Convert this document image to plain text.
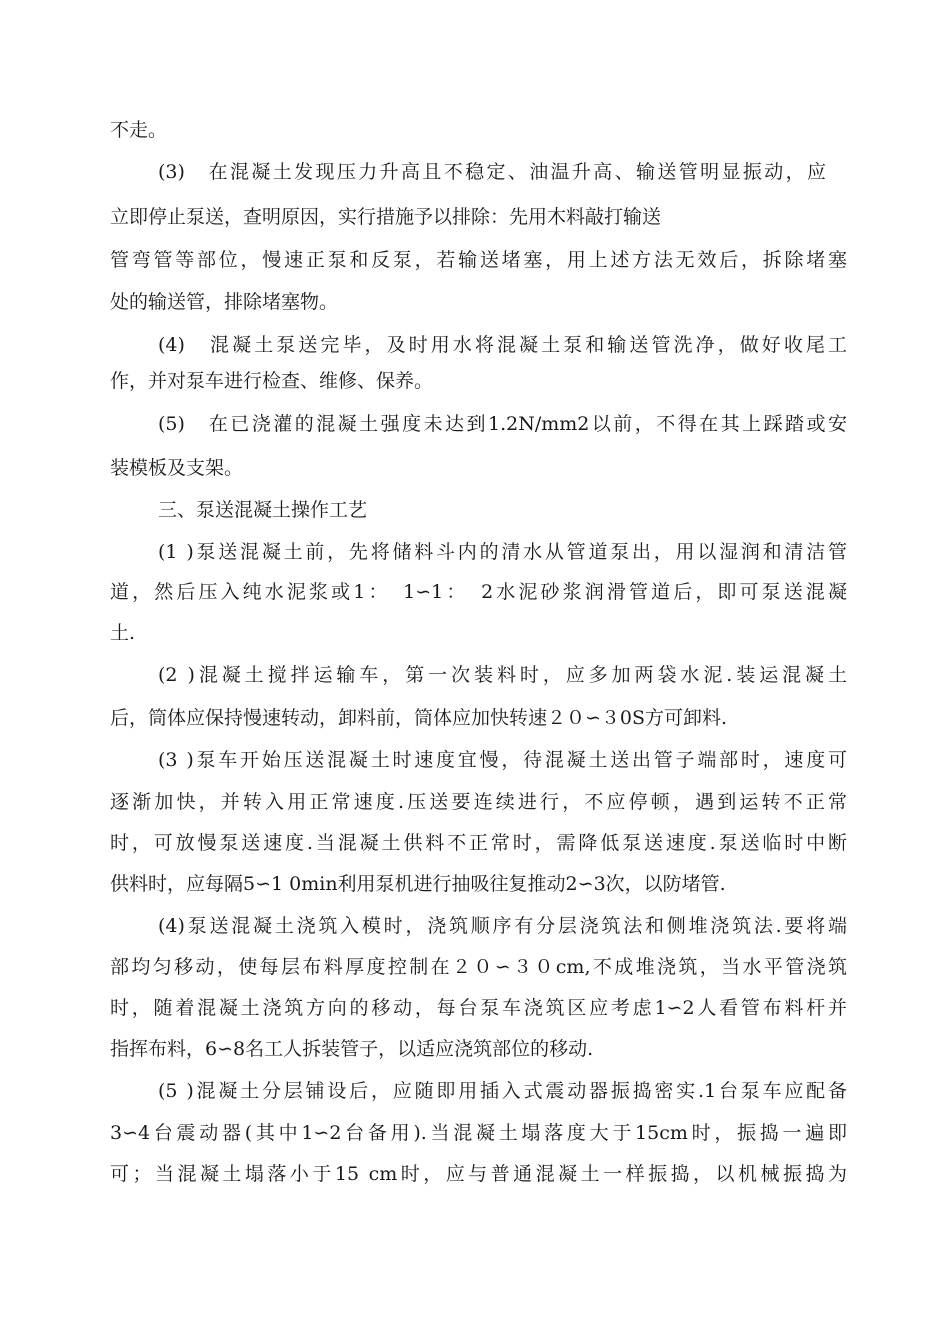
不走。
(3)　在混凝土发现压力升高且不稳定、油温升高、输送管明显振动，应
立即停止泵送，查明原因，实行措施予以排除：先用木料敲打输送
管弯管等部位，慢速正泵和反泵，若输送堵塞，用上述方法无效后，拆除堵塞
处的输送管，排除堵塞物。
(4)　混凝土泵送完毕，及时用水将混凝土泵和输送管洗净，做好收尾工
作，并对泵车进行检查、维修、保养。
(5)　在已浇灌的混凝土强度未达到1.2N/mm2以前，不得在其上踩踏或安
装模板及支架。
三、泵送混凝土操作工艺
(1 )泵送混凝土前，先将储料斗内的清水从管道泵出，用以湿润和清洁管
道，然后压入纯水泥浆或1：　1∽1：　2水泥砂浆润滑管道后，即可泵送混凝
土.
(2 )混凝土搅拌运输车，第一次装料时，应多加两袋水泥.装运混凝土
后，筒体应保持慢速转动，卸料前，筒体应加快转速２０∽３0S方可卸料.
(3 )泵车开始压送混凝土时速度宜慢，待混凝土送出管子端部时，速度可
逐渐加快，并转入用正常速度.压送要连续进行，不应停顿，遇到运转不正常
时，可放慢泵送速度.当混凝土供料不正常时，需降低泵送速度.泵送临时中断
供料时，应每隔5∽1 0min利用泵机进行抽吸往复推动2∽3次，以防堵管.
(4)泵送混凝土浇筑入模时，浇筑顺序有分层浇筑法和侧堆浇筑法.要将端
部均匀移动，使每层布料厚度控制在２０∽３０cm,不成堆浇筑，当水平管浇筑
时，随着混凝土浇筑方向的移动，每台泵车浇筑区应考虑1∽2人看管布料杆并
指挥布料，6∽8名工人拆装管子，以适应浇筑部位的移动.
(5 )混凝土分层铺设后，应随即用插入式震动器振捣密实.1台泵车应配备
3∽4台震动器(其中1∽2台备用).当混凝土塌落度大于15cm时，振捣一遍即
可；当混凝土塌落小于15 cm时，应与普通混凝土一样振捣，以机械振捣为
